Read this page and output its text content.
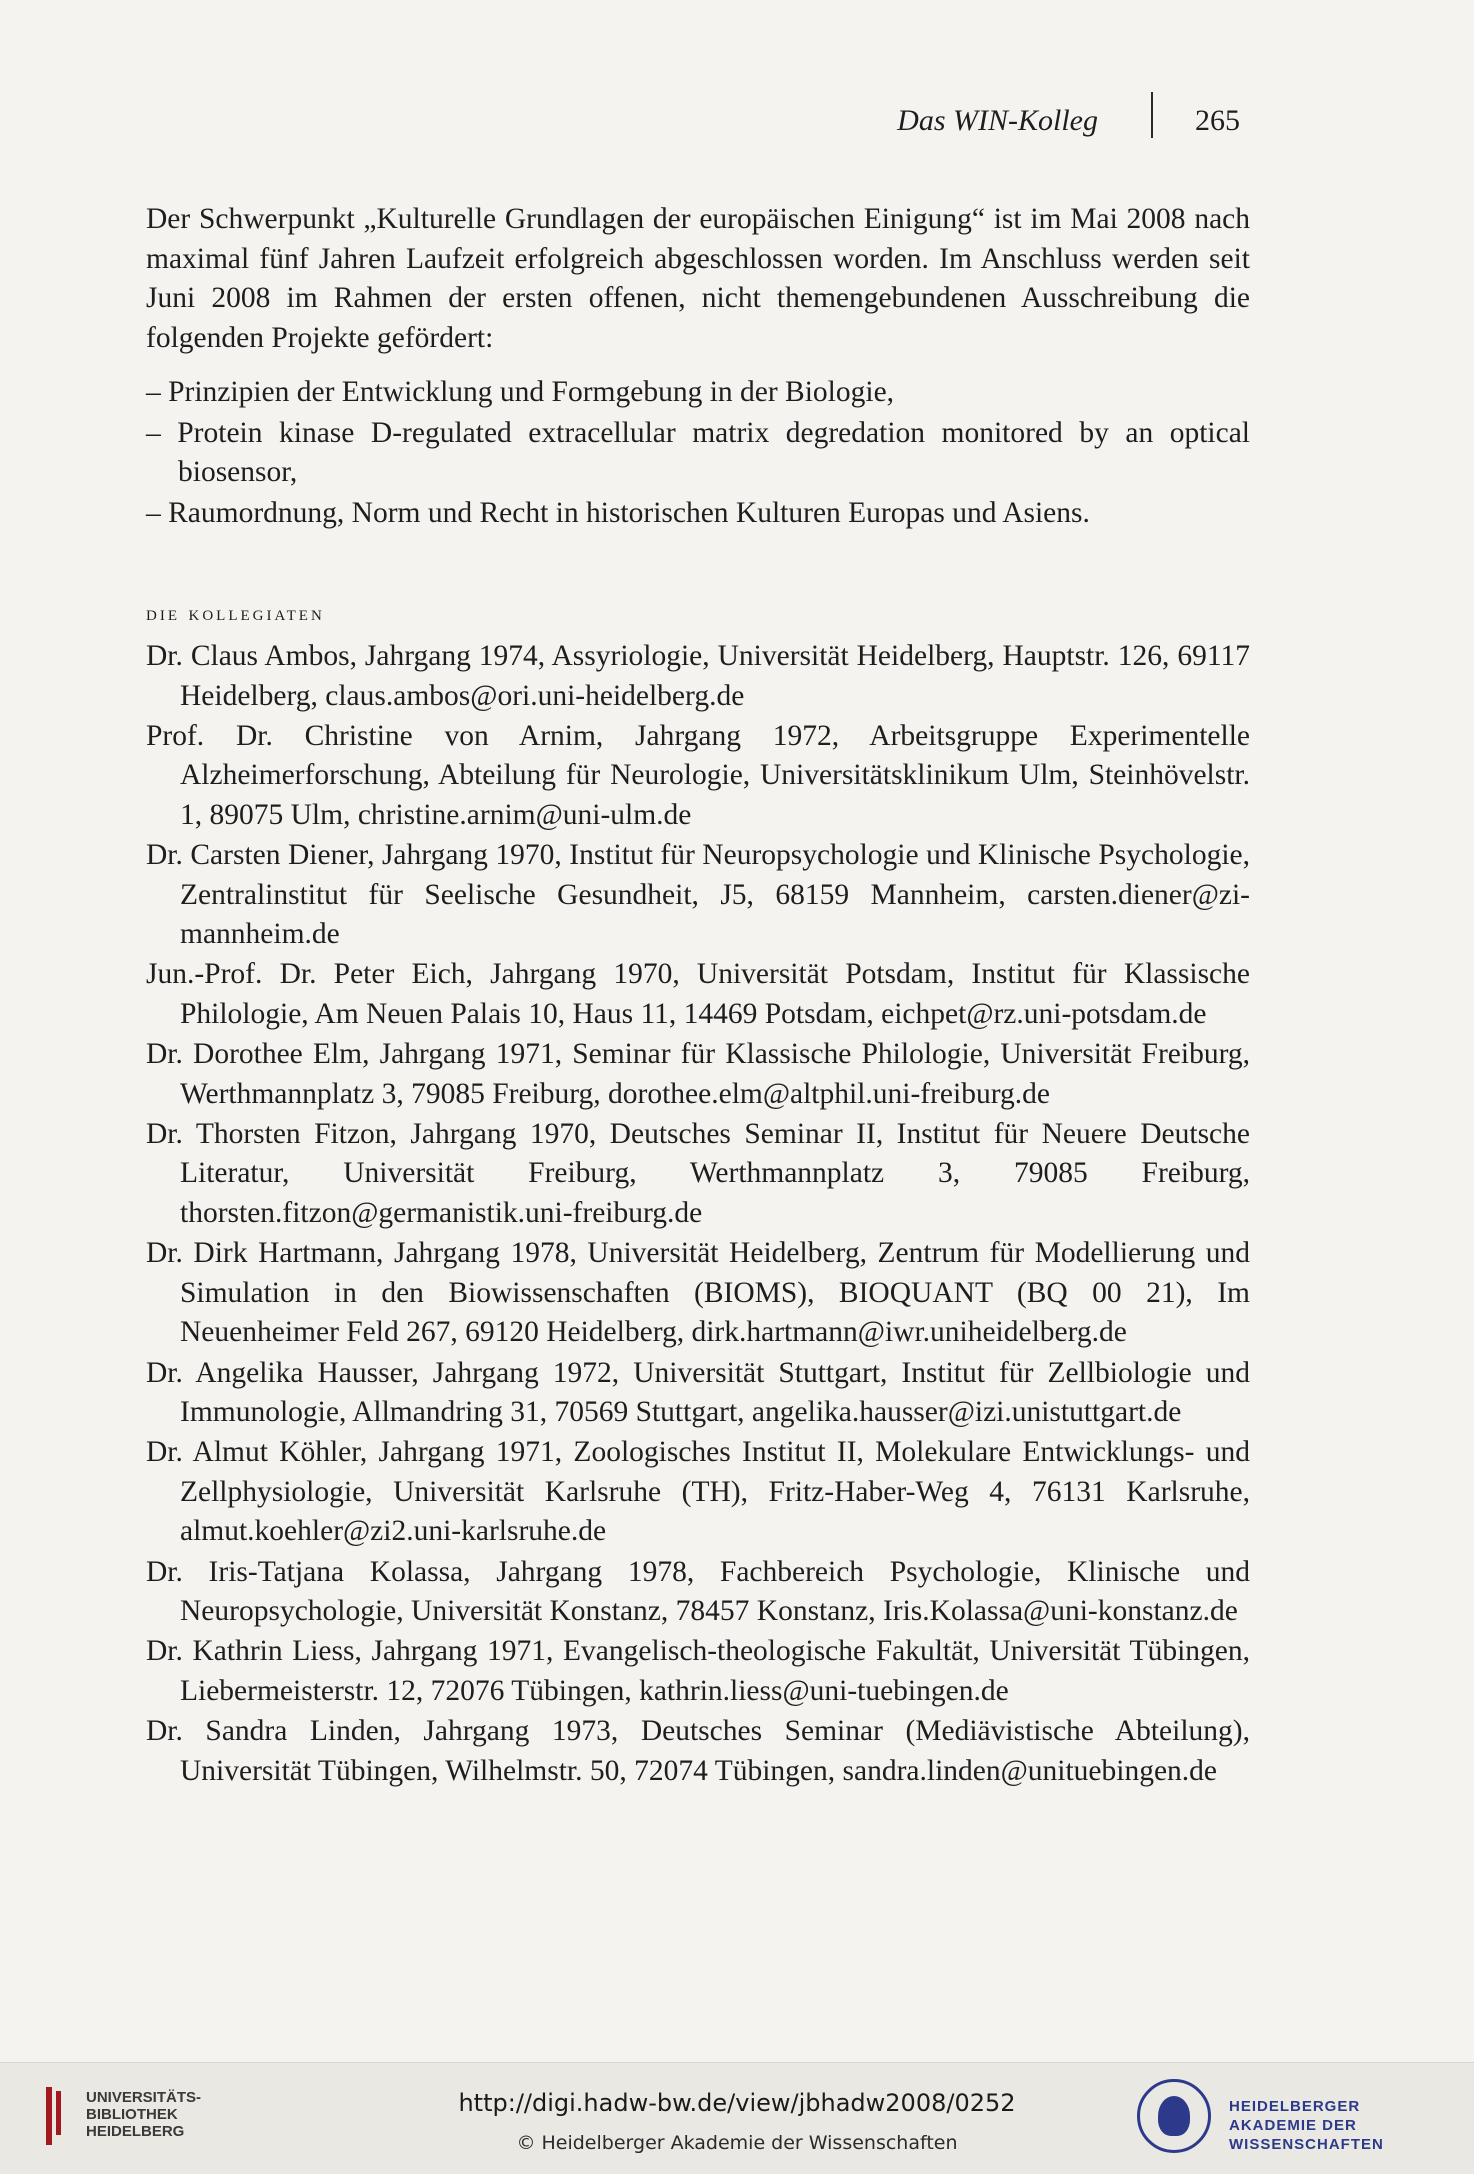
Das WIN-Kolleg	265
Der Schwerpunkt „Kulturelle Grundlagen der europäischen Einigung“ ist im Mai 2008 nach maximal fünf Jahren Laufzeit erfolgreich abgeschlossen worden. Im Anschluss werden seit Juni 2008 im Rahmen der ersten offenen, nicht themengebundenen Ausschreibung die folgenden Projekte gefördert:
– Prinzipien der Entwicklung und Formgebung in der Biologie,
– Protein kinase D-regulated extracellular matrix degredation monitored by an optical biosensor,
– Raumordnung, Norm und Recht in historischen Kulturen Europas und Asiens.
die kollegiaten
Dr. Claus Ambos, Jahrgang 1974, Assyriologie, Universität Heidelberg, Hauptstr. 126, 69117 Heidelberg, claus.ambos@ori.uni-heidelberg.de
Prof. Dr. Christine von Arnim, Jahrgang 1972, Arbeitsgruppe Experimentelle Alzheimerforschung, Abteilung für Neurologie, Universitätsklinikum Ulm, Steinhövelstr. 1, 89075 Ulm, christine.arnim@uni-ulm.de
Dr. Carsten Diener, Jahrgang 1970, Institut für Neuropsychologie und Klinische Psychologie, Zentralinstitut für Seelische Gesundheit, J5, 68159 Mannheim, carsten.diener@zi-mannheim.de
Jun.-Prof. Dr. Peter Eich, Jahrgang 1970, Universität Potsdam, Institut für Klassische Philologie, Am Neuen Palais 10, Haus 11, 14469 Potsdam, eichpet@rz.uni-potsdam.de
Dr. Dorothee Elm, Jahrgang 1971, Seminar für Klassische Philologie, Universität Freiburg, Werthmannplatz 3, 79085 Freiburg, dorothee.elm@altphil.uni-freiburg.de
Dr. Thorsten Fitzon, Jahrgang 1970, Deutsches Seminar II, Institut für Neuere Deutsche Literatur, Universität Freiburg, Werthmannplatz 3, 79085 Freiburg, thorsten.fitzon@germanistik.uni-freiburg.de
Dr. Dirk Hartmann, Jahrgang 1978, Universität Heidelberg, Zentrum für Modellierung und Simulation in den Biowissenschaften (BIOMS), BIOQUANT (BQ 00 21), Im Neuenheimer Feld 267, 69120 Heidelberg, dirk.hartmann@iwr.uniheidelberg.de
Dr. Angelika Hausser, Jahrgang 1972, Universität Stuttgart, Institut für Zellbiologie und Immunologie, Allmandring 31, 70569 Stuttgart, angelika.hausser@izi.unistuttgart.de
Dr. Almut Köhler, Jahrgang 1971, Zoologisches Institut II, Molekulare Entwicklungs- und Zellphysiologie, Universität Karlsruhe (TH), Fritz-Haber-Weg 4, 76131 Karlsruhe, almut.koehler@zi2.uni-karlsruhe.de
Dr. Iris-Tatjana Kolassa, Jahrgang 1978, Fachbereich Psychologie, Klinische und Neuropsychologie, Universität Konstanz, 78457 Konstanz, Iris.Kolassa@uni-konstanz.de
Dr. Kathrin Liess, Jahrgang 1971, Evangelisch-theologische Fakultät, Universität Tübingen, Liebermeisterstr. 12, 72076 Tübingen, kathrin.liess@uni-tuebingen.de
Dr. Sandra Linden, Jahrgang 1973, Deutsches Seminar (Mediävistische Abteilung), Universität Tübingen, Wilhelmstr. 50, 72074 Tübingen, sandra.linden@unituebingen.de
UNIVERSITÄTS-BIBLIOTHEK HEIDELBERG
http://digi.hadw-bw.de/view/jbhadw2008/0252
© Heidelberger Akademie der Wissenschaften
HEIDELBERGER AKADEMIE DER WISSENSCHAFTEN
